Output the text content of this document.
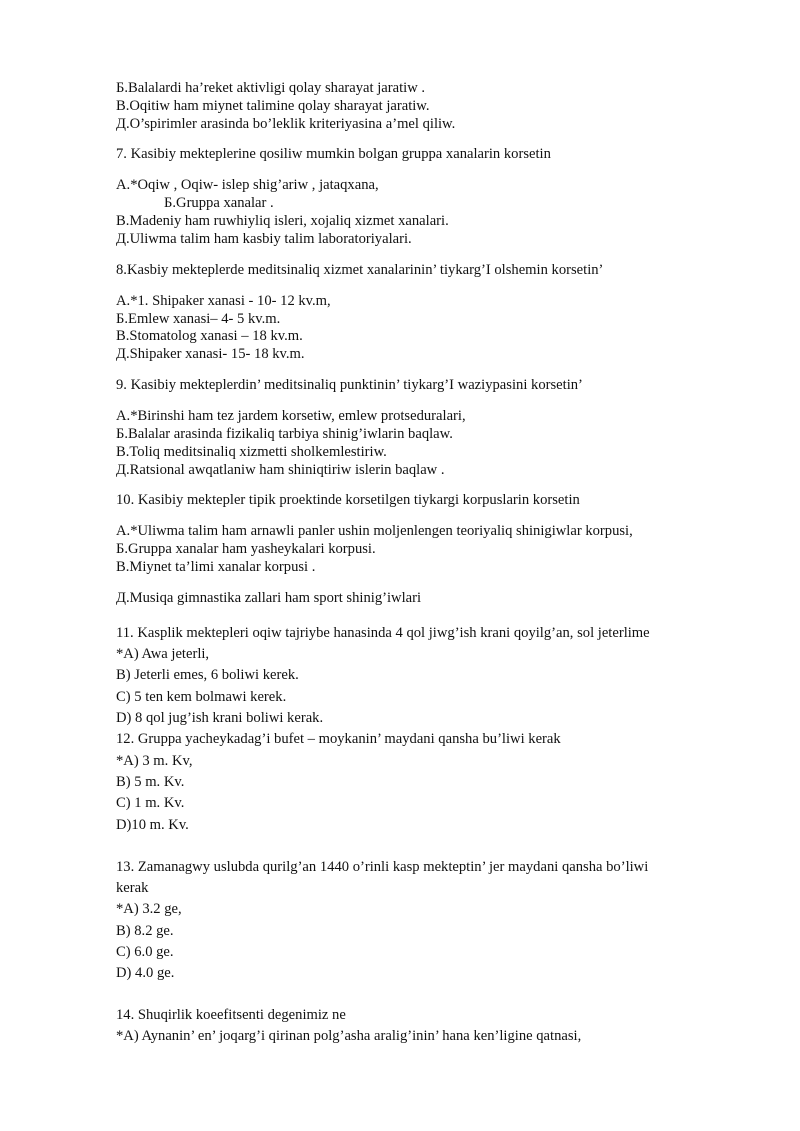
Б.Balalardi ha’reket aktivligi qolay sharayat jaratiw .
B.Oqitiw ham miynet talimine qolay sharayat jaratiw.
Д.O’spirimler arasinda bo’leklik kriteriyasina a’mel qiliw.
7. Kasibiy mekteplerine qosiliw mumkin bolgan gruppa xanalarin korsetin
A.*Oqiw , Oqiw- islep shig’ariw , jataqxana,
Б.Gruppa xanalar .
B.Madeniy ham ruwhiyliq isleri, xojaliq xizmet xanalari.
Д.Uliwma talim ham kasbiy talim laboratoriyalari.
8.Kasbiy mekteplerde meditsinaliq xizmet xanalarinin’ tiykarg’I olshemin korsetin’
A.*1. Shipaker xanasi - 10- 12 kv.m,
Б.Emlew xanasi– 4- 5 kv.m.
B.Stomatolog xanasi – 18 kv.m.
Д.Shipaker xanasi- 15- 18 kv.m.
9. Kasibiy mekteplerdin’ meditsinaliq punktinin’ tiykarg’I waziypasini korsetin’
A.*Birinshi ham tez jardem korsetiw, emlew protseduralari,
Б.Balalar arasinda fizikaliq tarbiya shinig’iwlarin baqlaw.
B.Toliq meditsinaliq xizmetti sholkemlestiriw.
Д.Ratsional awqatlaniw ham shiniqtiriw islerin baqlaw .
10. Kasibiy mektepler tipik proektinde korsetilgen tiykargi korpuslarin korsetin
A.*Uliwma talim ham arnawli panler ushin moljenlengen teoriyaliq shinigiwlar korpusi,
Б.Gruppa xanalar ham yasheykalari korpusi.
B.Miynet ta’limi xanalar korpusi .
Д.Musiqa gimnastika zallari ham sport shinig’iwlari
11. Kasplik mektepleri oqiw tajriybe hanasinda 4 qol jiwg’ish krani qoyilg’an, sol jeterlime
*A) Awa jeterli,
B) Jeterli emes, 6 boliwi kerek.
C) 5 ten kem bolmawi kerek.
D) 8 qol jug’ish krani boliwi kerak.
12. Gruppa yacheykadag’i bufet – moykanin’ maydani qansha bu’liwi kerak
*A) 3 m. Kv,
B) 5 m. Kv.
C) 1 m. Kv.
D)10 m. Kv.
13. Zamanagwy uslubda qurilg’an 1440 o’rinli kasp mekteptin’ jer maydani qansha bo’liwi
kerak
*A) 3.2 ge,
B) 8.2 ge.
C) 6.0 ge.
D) 4.0 ge.
14. Shuqirlik koeefitsenti degenimiz ne
*A) Aynanin’ en’ joqarg’i qirinan polg’asha aralig’inin’ hana ken’ligine qatnasi,
